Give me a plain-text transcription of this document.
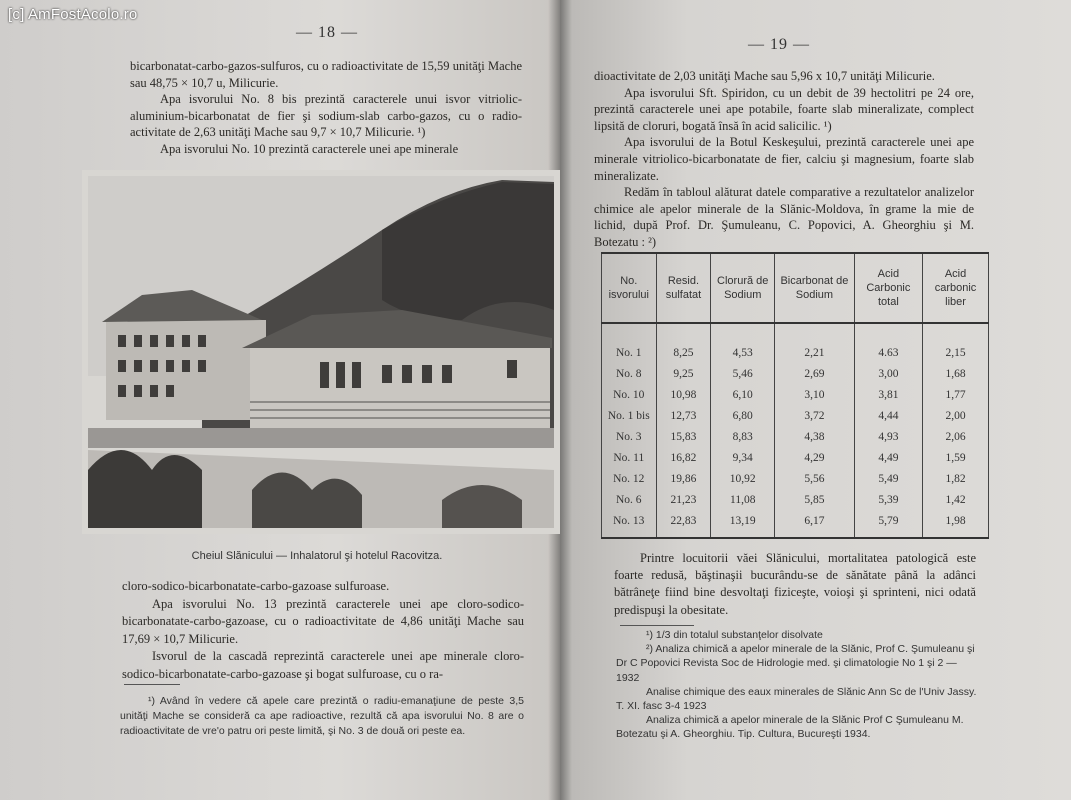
[c] AmFostAcolo.ro
— 18 —

bicarbonatat-carbo-gazos-sulfuros, cu o radioactivitate de 15,59 unităţi Mache sau 48,75 × 10,7 u, Milicurie.

Apa isvorului No. 8 bis prezintă caracterele unui isvor vitriolic-aluminium-bicarbonatat de fier şi sodium-slab carbo-gazos, cu o radio-activitate de 2,63 unităţi Mache sau 9,7 × 10,7 Milicurie. ¹)

Apa isvorului No. 10 prezintă caracterele unei ape minerale

Cheiul Slănicului — Inhalatorul şi hotelul Racovitza.

cloro-sodico-bicarbonatate-carbo-gazoase sulfuroase.

Apa isvorului No. 13 prezintă caracterele unei ape cloro-sodico-bicarbonatate-carbo-gazoase, cu o radioactivitate de 4,86 unităţi Mache sau 17,69 × 10,7 Milicurie.

Isvorul de la cascadă reprezintă caracterele unei ape minerale cloro-sodico-bicarbonatate-carbo-gazoase şi bogat sulfuroase, cu o ra-

¹) Având în vedere că apele care prezintă o radiu-emanaţiune de peste 3,5 unităţi Mache se consideră ca ape radioactive, rezultă că apa isvorului No. 8 are o radioactivitate de vre'o patru ori peste limită, şi No. 3 de două ori peste ea.
— 19 —

dioactivitate de 2,03 unităţi Mache sau 5,96 x 10,7 unităţi Milicurie.

Apa isvorului Sft. Spiridon, cu un debit de 39 hectolitri pe 24 ore, prezintă caracterele unei ape potabile, foarte slab mineralizate, complect lipsită de cloruri, bogată însă în acid salicilic. ¹)

Apa isvorului de la Botul Keskeşului, prezintă caracterele unei ape minerale vitriolico-bicarbonatate de fier, calciu şi magnesium, foarte slab mineralizate.

Redăm în tabloul alăturat datele comparative a rezultatelor analizelor chimice ale apelor minerale de la Slănic-Moldova, în grame la mie de lichid, după Prof. Dr. Şumuleanu, C. Popovici, A. Gheorghiu şi M. Botezatu : ²)

No. isvorului	Resid. sulfatat	Clorură de Sodium	Bicarbonat de Sodium	Acid Carbonic total	Acid carbonic liber

No. 1	8,25	4,53	2,21	4.63	2,15
No. 8	9,25	5,46	2,69	3,00	1,68
No. 10	10,98	6,10	3,10	3,81	1,77
No. 1 bis	12,73	6,80	3,72	4,44	2,00
No. 3	15,83	8,83	4,38	4,93	2,06
No. 11	16,82	9,34	4,29	4,49	1,59
No. 12	19,86	10,92	5,56	5,49	1,82
No. 6	21,23	11,08	5,85	5,39	1,42
No. 13	22,83	13,19	6,17	5,79	1,98
Printre locuitorii văei Slănicului, mortalitatea patologică este foarte redusă, băştinaşii bucurându-se de sănătate până la adânci bătrâneţe fiind bine desvoltaţi fiziceşte, voioşi şi sprinteni, nici odată predispuşi la obesitate.

¹) 1/3 din totalul substanţelor disolvate

²) Analiza chimică a apelor minerale de la Slănic, Prof C. Şumuleanu şi Dr C Popovici Revista Soc de Hidrologie med. şi climatologie No 1 şi 2 — 1932

Analise chimique des eaux minerales de Slănic Ann Sc de l'Univ Jassy. T. XI. fasc 3-4 1923

Analiza chimică a apelor minerale de la Slănic Prof C Şumuleanu M. Botezatu şi A. Gheorghiu. Tip. Cultura, Bucureşti 1934.
